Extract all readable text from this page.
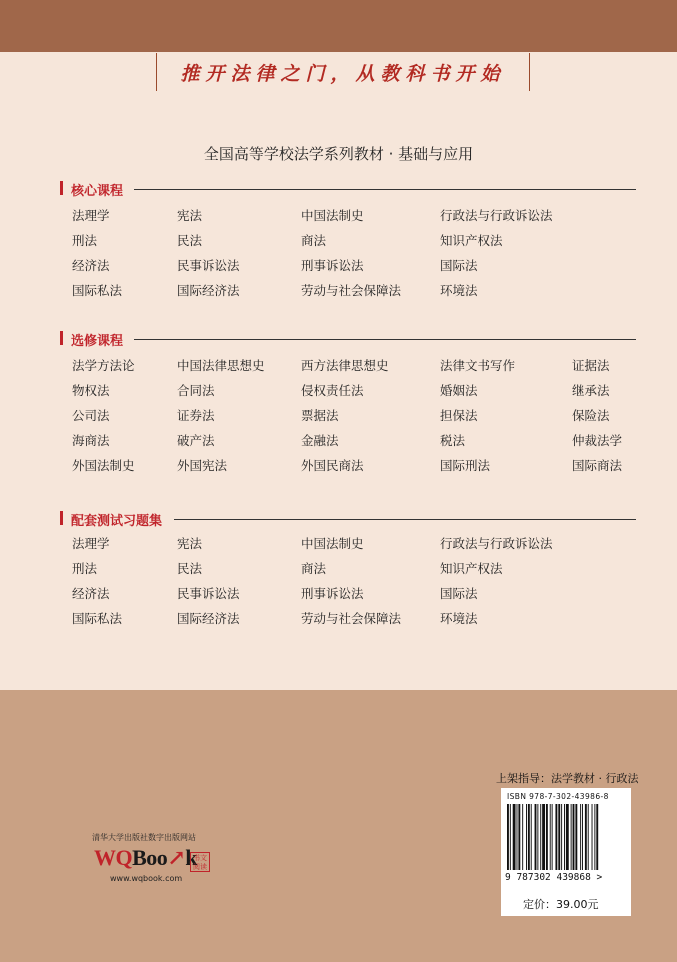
推开法律之门，从教科书开始
全国高等学校法学系列教材 · 基础与应用
核心课程
法理学	宪法	中国法制史	行政法与行政诉讼法
刑法	民法	商法	知识产权法
经济法	民事诉讼法	刑事诉讼法	国际法
国际私法	国际经济法	劳动与社会保障法	环境法
选修课程
法学方法论	中国法律思想史	西方法律思想史	法律文书写作	证据法
物权法	合同法	侵权责任法	婚姻法	继承法
公司法	证券法	票据法	担保法	保险法
海商法	破产法	金融法	税法	仲裁法学
外国法制史	外国宪法	外国民商法	国际刑法	国际商法
配套测试习题集
法理学	宪法	中国法制史	行政法与行政诉讼法
刑法	民法	商法	知识产权法
经济法	民事诉讼法	刑事诉讼法	国际法
国际私法	国际经济法	劳动与社会保障法	环境法
清华大学出版社数字出版网站
WQBoo↗k
书文阅读
www.wqbook.com
上架指导：法学教材 · 行政法
ISBN 978-7-302-43986-8
9 787302 439868 >
定价：39.00元
